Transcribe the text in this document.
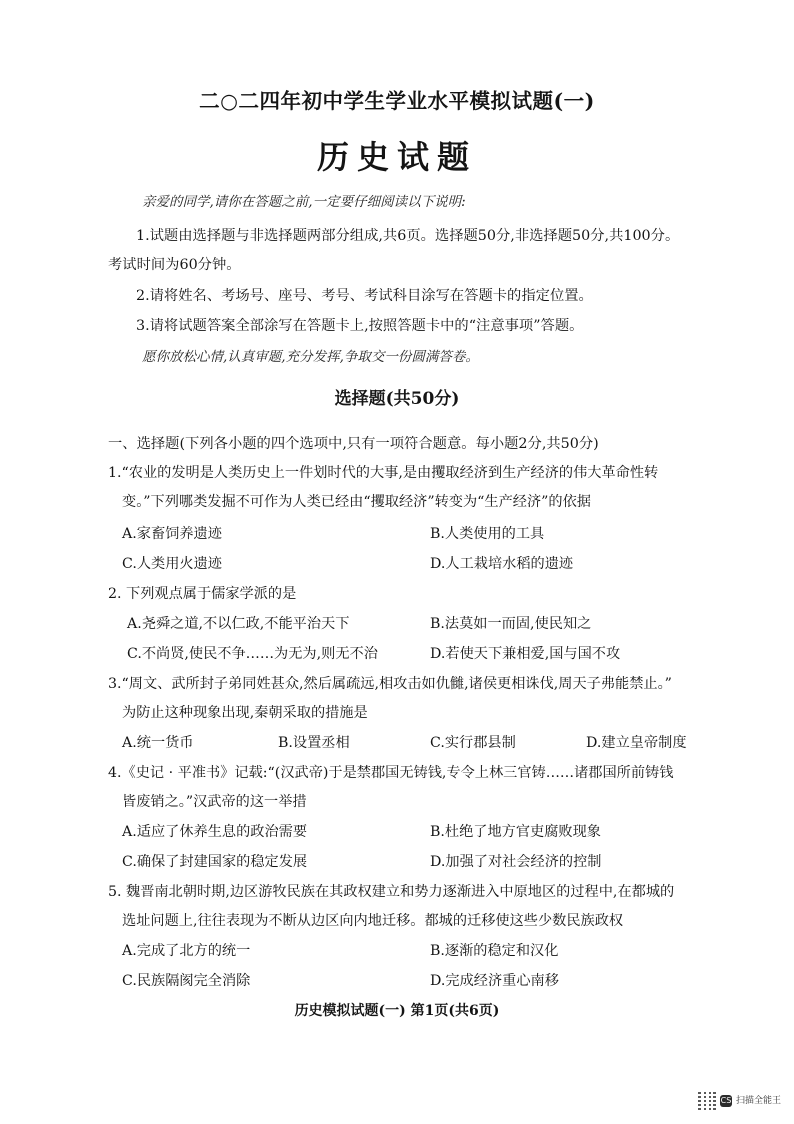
二○二四年初中学生学业水平模拟试题(一)
历史试题
亲爱的同学,请你在答题之前,一定要仔细阅读以下说明:
1.试题由选择题与非选择题两部分组成,共6页。选择题50分,非选择题50分,共100分。
考试时间为60分钟。
2.请将姓名、考场号、座号、考号、考试科目涂写在答题卡的指定位置。
3.请将试题答案全部涂写在答题卡上,按照答题卡中的“注意事项”答题。
愿你放松心情,认真审题,充分发挥,争取交一份圆满答卷。
选择题(共50分)
一、选择题(下列各小题的四个选项中,只有一项符合题意。每小题2分,共50分)
1.“农业的发明是人类历史上一件划时代的大事,是由攫取经济到生产经济的伟大革命性转
变。”下列哪类发掘不可作为人类已经由“攫取经济”转变为“生产经济”的依据
A.家畜饲养遗迹	B.人类使用的工具
C.人类用火遗迹	D.人工栽培水稻的遗迹
2. 下列观点属于儒家学派的是
A.尧舜之道,不以仁政,不能平治天下	B.法莫如一而固,使民知之
C.不尚贤,使民不争……为无为,则无不治	D.若使天下兼相爱,国与国不攻
3.“周文、武所封子弟同姓甚众,然后属疏远,相攻击如仇雠,诸侯更相诛伐,周天子弗能禁止。”
为防止这种现象出现,秦朝采取的措施是
A.统一货币	B.设置丞相	C.实行郡县制	D.建立皇帝制度
4.《史记 · 平准书》记载:“(汉武帝)于是禁郡国无铸钱,专令上林三官铸……诸郡国所前铸钱
皆废销之。”汉武帝的这一举措
A.适应了休养生息的政治需要	B.杜绝了地方官吏腐败现象
C.确保了封建国家的稳定发展	D.加强了对社会经济的控制
5. 魏晋南北朝时期,边区游牧民族在其政权建立和势力逐渐进入中原地区的过程中,在都城的
选址问题上,往往表现为不断从边区向内地迁移。都城的迁移使这些少数民族政权
A.完成了北方的统一	B.逐渐的稳定和汉化
C.民族隔阂完全消除	D.完成经济重心南移
历史模拟试题(一) 第1页(共6页)
CS 扫描全能王
